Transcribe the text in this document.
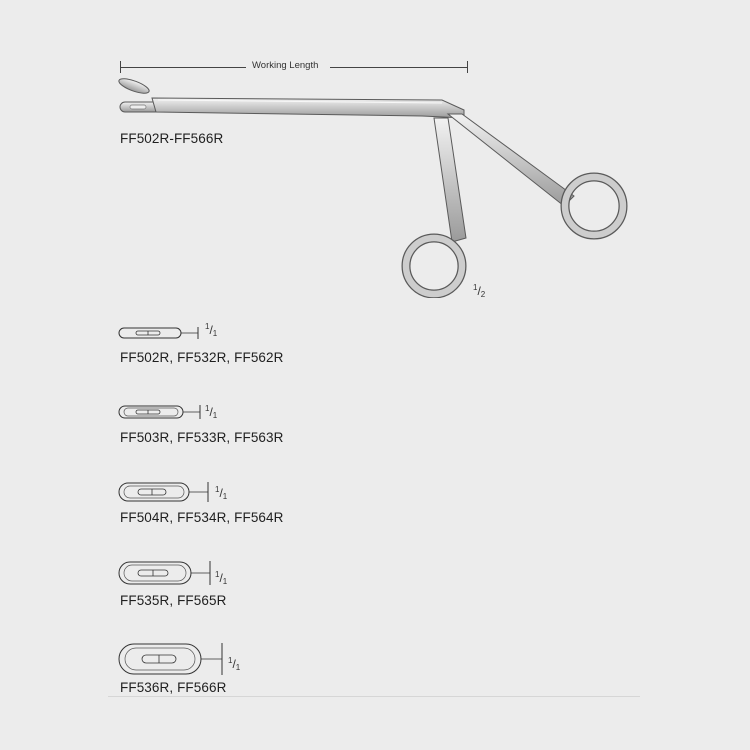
Working Length
FF502R-FF566R
$^1/_2$
$^1/_1$
FF502R, FF532R, FF562R
$^1/_1$
FF503R, FF533R, FF563R
$^1/_1$
FF504R, FF534R, FF564R
$^1/_1$
FF535R, FF565R
$^1/_1$
FF536R, FF566R
